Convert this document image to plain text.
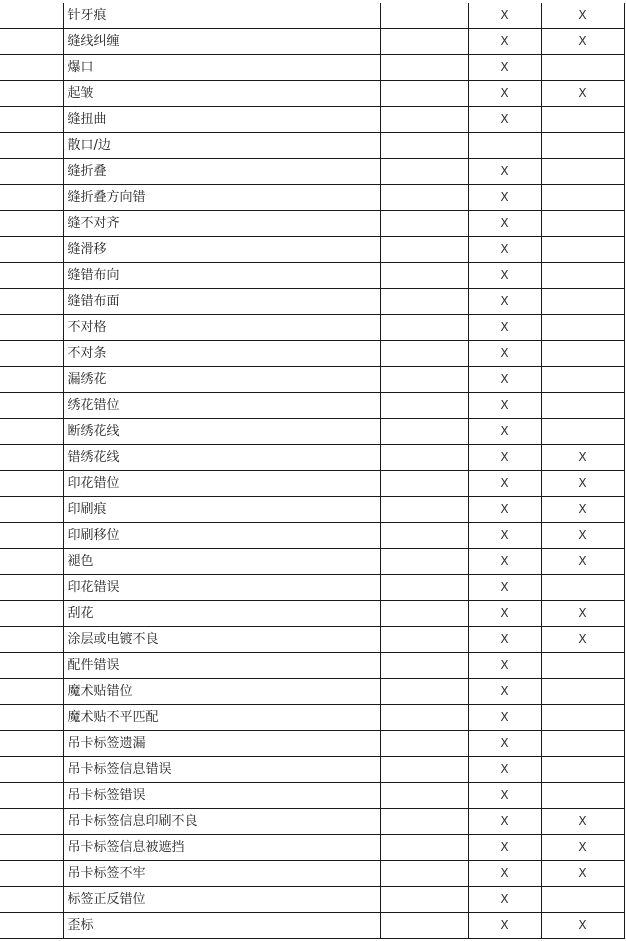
	针牙痕		X	X
	缝线纠缠		X	X
	爆口		X	
	起皱		X	X
	缝扭曲		X	
	散口/边			
	缝折叠		X	
	缝折叠方向错		X	
	缝不对齐		X	
	缝滑移		X	
	缝错布向		X	
	缝错布面		X	
	不对格		X	
	不对条		X	
	漏绣花		X	
	绣花错位		X	
	断绣花线		X	
	错绣花线		X	X
	印花错位		X	X
	印刷痕		X	X
	印刷移位		X	X
	褪色		X	X
	印花错误		X	
	刮花		X	X
	涂层或电镀不良		X	X
	配件错误		X	
	魔术贴错位		X	
	魔术贴不平匹配		X	
	吊卡标签遗漏		X	
	吊卡标签信息错误		X	
	吊卡标签错误		X	
	吊卡标签信息印刷不良		X	X
	吊卡标签信息被遮挡		X	X
	吊卡标签不牢		X	X
	标签正反错位		X	
	歪标		X	X
